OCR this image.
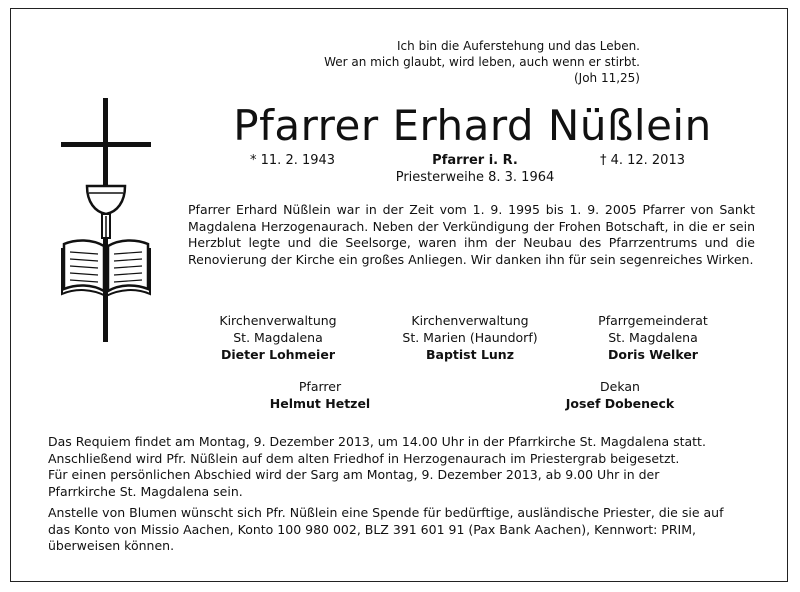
Ich bin die Auferstehung und das Leben.
Wer an mich glaubt, wird leben, auch wenn er stirbt.
(Joh 11,25)
Pfarrer Erhard Nüßlein
* 11. 2. 1943	Pfarrer i. R.	† 4. 12. 2013
Priesterweihe 8. 3. 1964

Pfarrer Erhard Nüßlein war in der Zeit vom 1. 9. 1995 bis 1. 9. 2005 Pfarrer von Sankt Magdalena Herzogenaurach. Neben der Verkündigung der Frohen Botschaft, in die er sein Herzblut legte und die Seelsorge, waren ihm der Neubau des Pfarrzentrums und die Renovierung der Kirche ein großes Anliegen. Wir danken ihn für sein segenreiches Wirken.

Kirchenverwaltung
St. Magdalena
Dieter Lohmeier
Kirchenverwaltung
St. Marien (Haundorf)
Baptist Lunz
Pfarrgemeinderat
St. Magdalena
Doris Welker
Pfarrer
Helmut Hetzel
Dekan
Josef Dobeneck

Das Requiem findet am Montag, 9. Dezember 2013, um 14.00 Uhr in der Pfarrkirche St. Magdalena statt.
Anschließend wird Pfr. Nüßlein auf dem alten Friedhof in Herzogenaurach im Priestergrab beigesetzt.
Für einen persönlichen Abschied wird der Sarg am Montag, 9. Dezember 2013, ab 9.00 Uhr in der
Pfarrkirche St. Magdalena sein.

Anstelle von Blumen wünscht sich Pfr. Nüßlein eine Spende für bedürftige, ausländische Priester, die sie auf
das Konto von Missio Aachen, Konto 100 980 002, BLZ 391 601 91 (Pax Bank Aachen), Kennwort: PRIM,
überweisen können.
